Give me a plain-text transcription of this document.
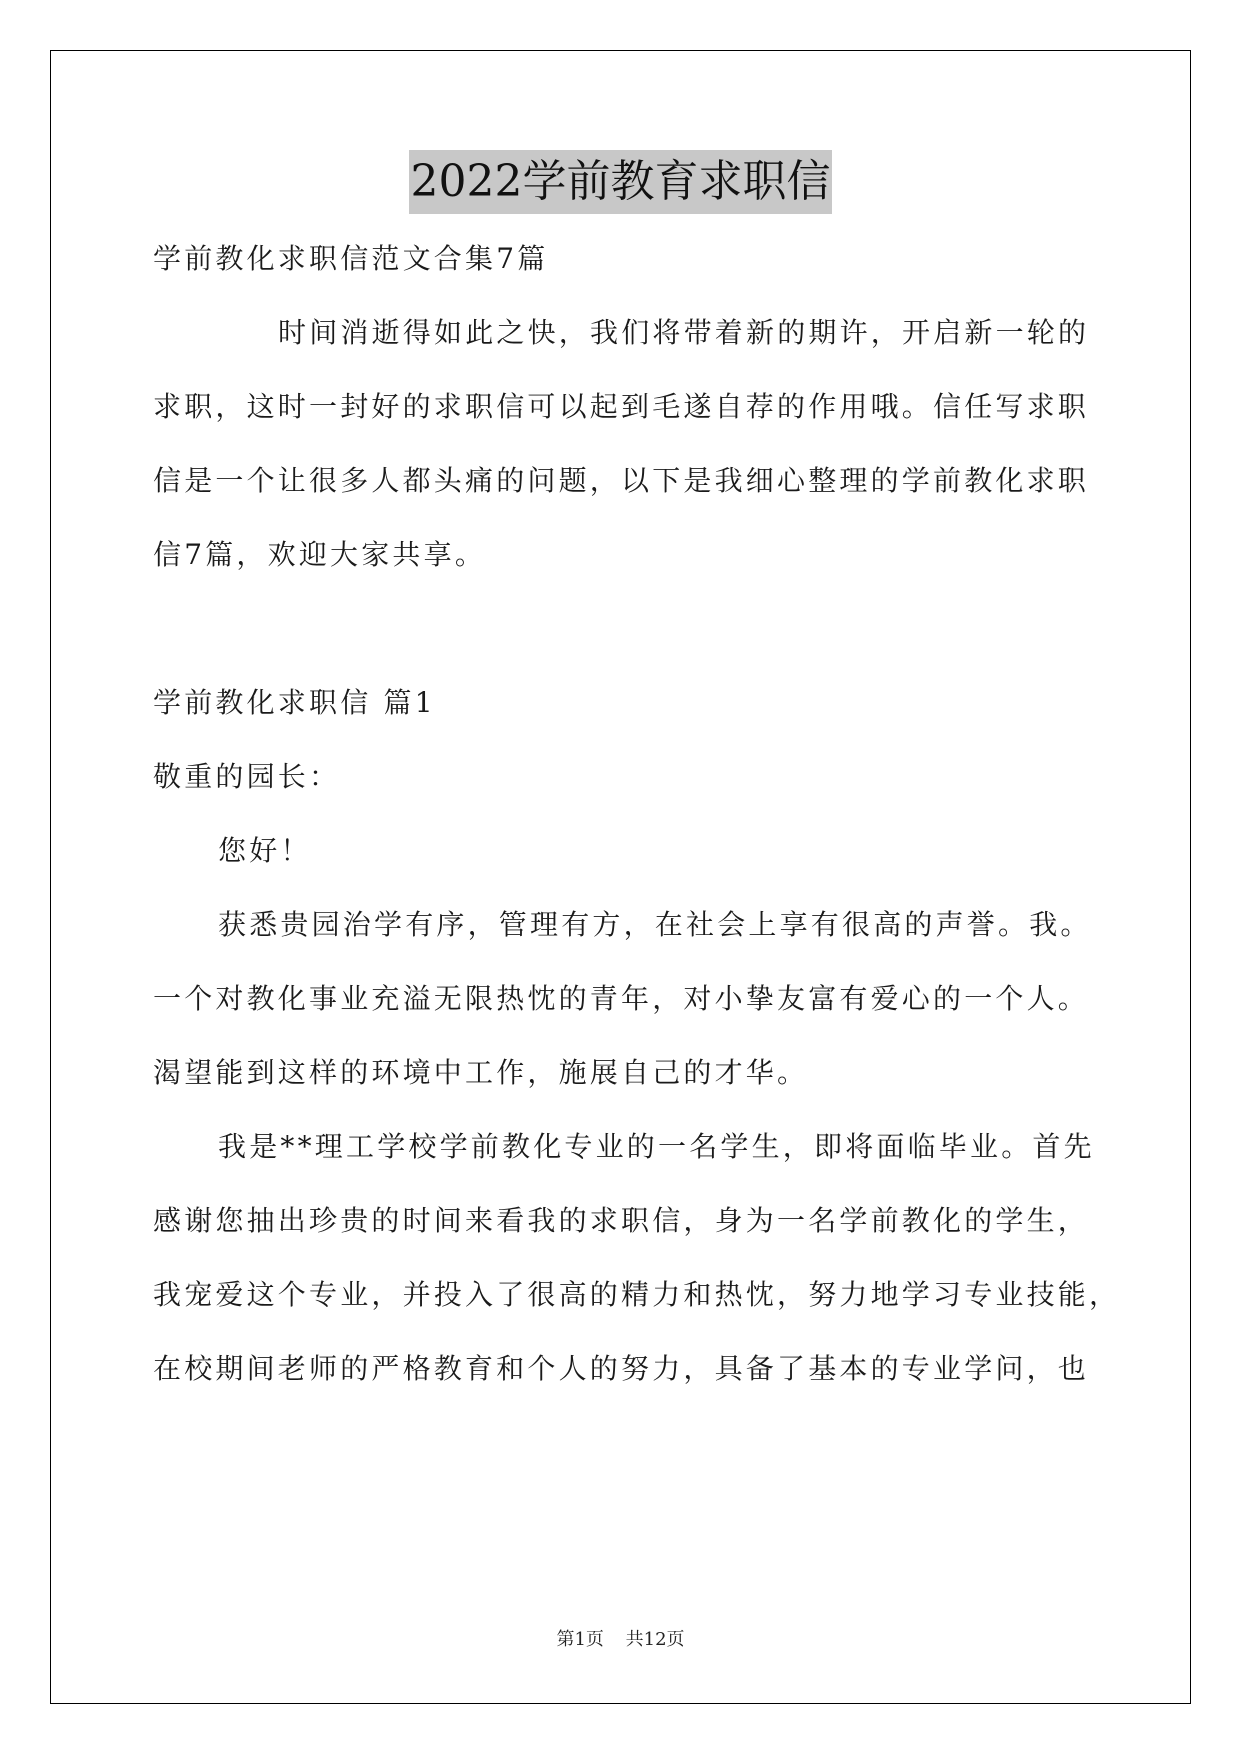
2022学前教育求职信
学前教化求职信范文合集7篇
时间消逝得如此之快，我们将带着新的期许，开启新一轮的
求职，这时一封好的求职信可以起到毛遂自荐的作用哦。信任写求职
信是一个让很多人都头痛的问题，以下是我细心整理的学前教化求职
信7篇，欢迎大家共享。
学前教化求职信 篇1
敬重的园长：
您好！
获悉贵园治学有序，管理有方，在社会上享有很高的声誉。我。
一个对教化事业充溢无限热忱的青年，对小挚友富有爱心的一个人。
渴望能到这样的环境中工作，施展自己的才华。
我是**理工学校学前教化专业的一名学生，即将面临毕业。首先
感谢您抽出珍贵的时间来看我的求职信，身为一名学前教化的学生，
我宠爱这个专业，并投入了很高的精力和热忱，努力地学习专业技能，
在校期间老师的严格教育和个人的努力，具备了基本的专业学问，也
第1页 共12页
